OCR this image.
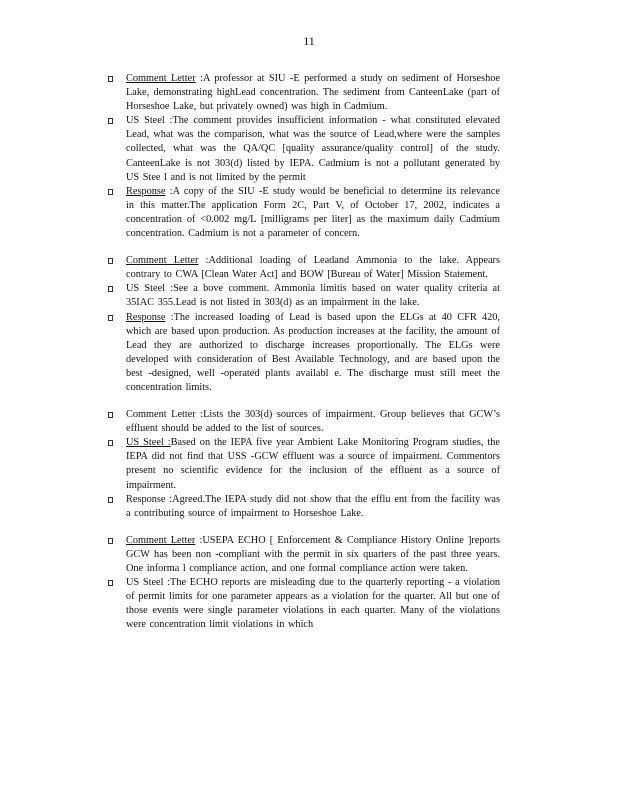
11
Comment Letter :A professor at SIU -E performed a study on sediment of Horseshoe Lake, demonstrating highLead concentration. The sediment from CanteenLake (part of Horseshoe Lake, but privately owned) was high in Cadmium.
US Steel :The comment provides insufficient information - what constituted elevated Lead, what was the comparison, what was the source of Lead,where were the samples collected, what was the QA/QC [quality assurance/quality control] of the study. CanteenLake is not 303(d) listed by IEPA. Cadmium is not a pollutant generated by US Stee l and is not limited by the permit
Response :A copy of the SIU -E study would be beneficial to determine its relevance in this matter.The application Form 2C, Part V, of October 17, 2002, indicates a concentration of <0.002 mg/L [milligrams per liter] as the maximum daily Cadmium concentration. Cadmium is not a parameter of concern.
Comment Letter :Additional loading of Leadand Ammonia to the lake. Appears contrary to CWA [Clean Water Act] and BOW [Bureau of Water] Mission Statement.
US Steel :See a bove comment. Ammonia limitis based on water quality criteria at 35IAC 355.Lead is not listed in 303(d) as an impairment in the lake.
Response :The increased loading of Lead is based upon the ELGs at 40 CFR 420, which are based upon production. As production increases at the facility, the amount of Lead they are authorized to discharge increases proportionally. The ELGs were developed with consideration of Best Available Technology, and are based upon the best -designed, well -operated plants availabl e. The discharge must still meet the concentration limits.
Comment Letter :Lists the 303(d) sources of impairment. Group believes that GCW’s effluent should be added to the list of sources.
US Steel :Based on the IEPA five year Ambient Lake Monitoring Program studies, the IEPA did not find that USS -GCW effluent was a source of impairment. Commentors present no scientific evidence for the inclusion of the effluent as a source of impairment.
Response :Agreed.The IEPA study did not show that the efflu ent from the facility was a contributing source of impairment to Horseshoe Lake.
Comment Letter :USEPA ECHO [ Enforcement & Compliance History Online ]reports GCW has been non -compliant with the permit in six quarters of the past three years. One informa l compliance action, and one formal compliance action were taken.
US Steel :The ECHO reports are misleading due to the quarterly reporting - a violation of permit limits for one parameter appears as a violation for the quarter. All but one of those events were single parameter violations in each quarter. Many of the violations were concentration limit violations in which
